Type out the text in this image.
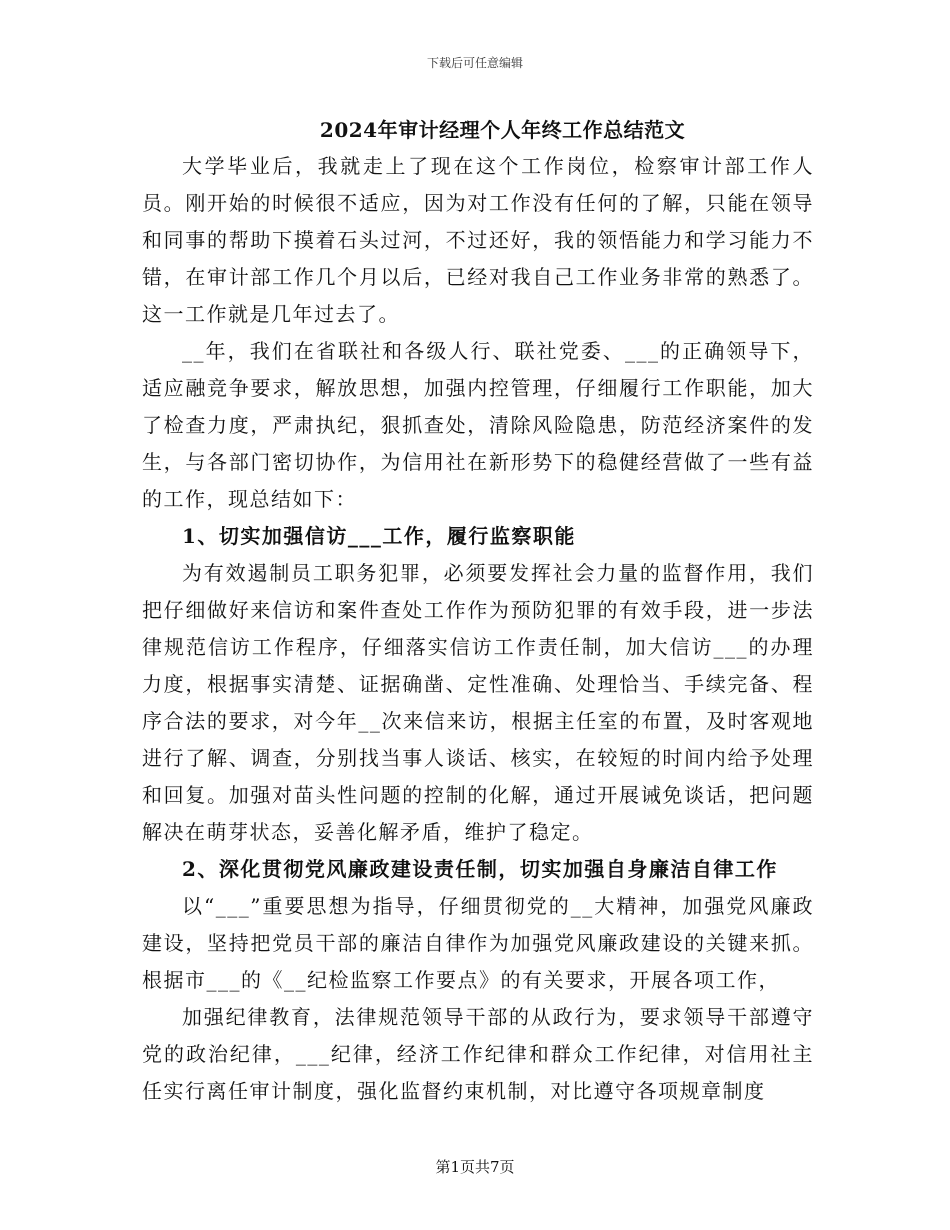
下载后可任意编辑
2024年审计经理个人年终工作总结范文

大学毕业后，我就走上了现在这个工作岗位，检察审计部工作人员。刚开始的时候很不适应，因为对工作没有任何的了解，只能在领导和同事的帮助下摸着石头过河，不过还好，我的领悟能力和学习能力不错，在审计部工作几个月以后，已经对我自己工作业务非常的熟悉了。这一工作就是几年过去了。

__年，我们在省联社和各级人行、联社党委、___的正确领导下，适应融竞争要求，解放思想，加强内控管理，仔细履行工作职能，加大了检查力度，严肃执纪，狠抓查处，清除风险隐患，防范经济案件的发生，与各部门密切协作，为信用社在新形势下的稳健经营做了一些有益的工作，现总结如下：

1、切实加强信访___工作，履行监察职能

为有效遏制员工职务犯罪，必须要发挥社会力量的监督作用，我们把仔细做好来信访和案件查处工作作为预防犯罪的有效手段，进一步法律规范信访工作程序，仔细落实信访工作责任制，加大信访___的办理力度，根据事实清楚、证据确凿、定性准确、处理恰当、手续完备、程序合法的要求，对今年__次来信来访，根据主任室的布置，及时客观地进行了解、调查，分别找当事人谈话、核实，在较短的时间内给予处理和回复。加强对苗头性问题的控制的化解，通过开展诫免谈话，把问题解决在萌芽状态，妥善化解矛盾，维护了稳定。

2、深化贯彻党风廉政建设责任制，切实加强自身廉洁自律工作

以“___”重要思想为指导，仔细贯彻党的__大精神，加强党风廉政建设，坚持把党员干部的廉洁自律作为加强党风廉政建设的关键来抓。根据市___的《__纪检监察工作要点》的有关要求，开展各项工作，

加强纪律教育，法律规范领导干部的从政行为，要求领导干部遵守党的政治纪律，___纪律，经济工作纪律和群众工作纪律，对信用社主任实行离任审计制度，强化监督约束机制，对比遵守各项规章制度

第1页共7页
